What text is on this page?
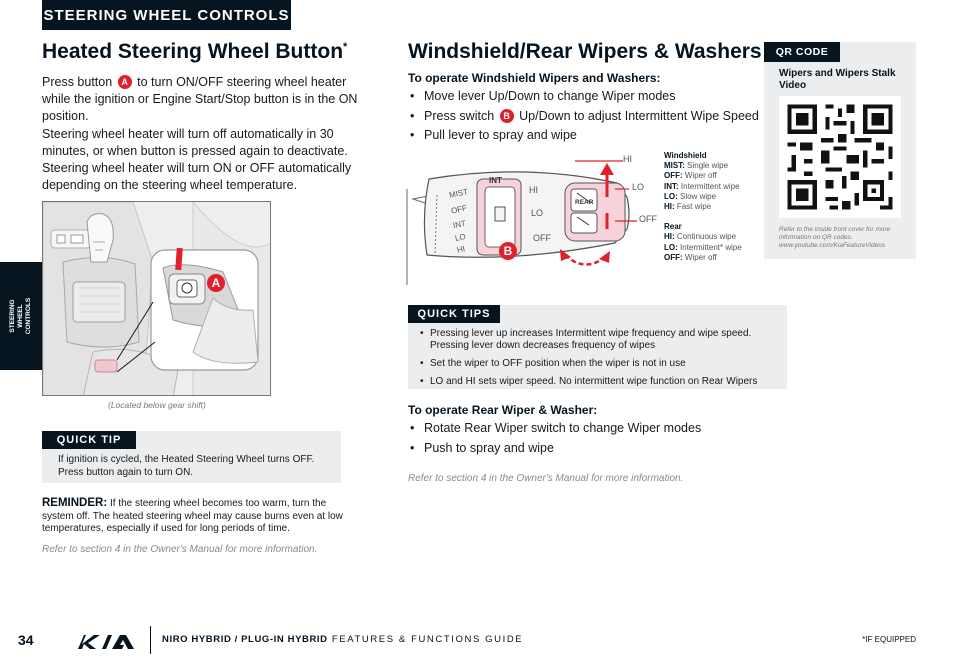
STEERING WHEEL CONTROLS
STEERING WHEEL CONTROLS
Heated Steering Wheel Button*

Press button A to turn ON/OFF steering wheel heater while the ignition or Engine Start/Stop button is in the ON position.

Steering wheel heater will turn off automatically in 30 minutes, or when button is pressed again to deactivate. Steering wheel heater will turn ON or OFF automatically depending on the steering wheel temperature.

A
(Located below gear shift)
QUICK TIP
If ignition is cycled, the Heated Steering Wheel turns OFF. Press button again to turn ON.

REMINDER: If the steering wheel becomes too warm, turn the system off. The heated steering wheel may cause burns even at low temperatures, especially if used for long periods of time.

Refer to section 4 in the Owner's Manual for more information.
Windshield/Rear Wipers & Washers
To operate Windshield Wipers and Washers:
• Move lever Up/Down to change Wiper modes
• Press switch B Up/Down to adjust Intermittent Wipe Speed
• Pull lever to spray and wipe
HI
LO
OFF
HI
LO
OFF
MIST
OFF
INT
LO
HI
INT
REAR
B
Windshield
MIST: Single wipe
OFF: Wiper off
INT: Intermittent wipe
LO: Slow wipe
HI: Fast wipe
Rear
HI: Continuous wipe
LO: Intermittent* wipe
OFF: Wiper off
QUICK TIPS
• Pressing lever up increases Intermittent wipe frequency and wipe speed. Pressing lever down decreases frequency of wipes
• Set the wiper to OFF position when the wiper is not in use
• LO and HI sets wiper speed. No intermittent wipe function on Rear Wipers
To operate Rear Wiper & Washer:
• Rotate Rear Wiper switch to change Wiper modes
• Push to spray and wipe
Refer to section 4 in the Owner's Manual for more information.
QR CODE
Wipers and Wipers Stalk Video
Refer to the inside front cover for more information on QR codes. www.youtube.com/KiaFeatureVideos
34	NIRO HYBRID / PLUG-IN HYBRID FEATURES & FUNCTIONS GUIDE	*IF EQUIPPED
